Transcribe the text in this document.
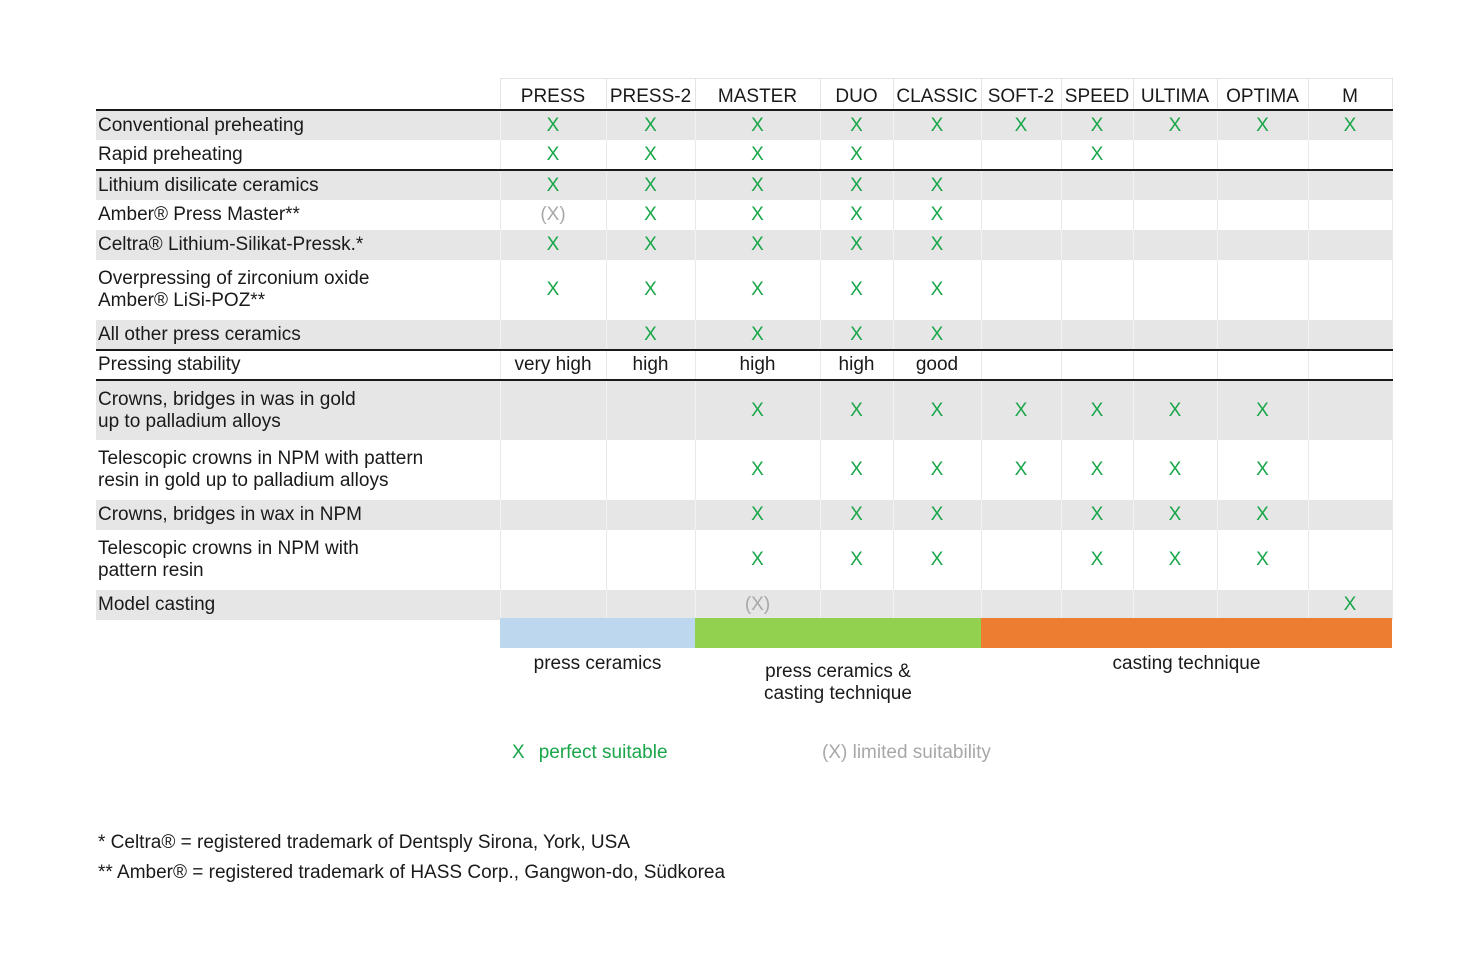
	PRESS	PRESS-2	MASTER	DUO	CLASSIC	SOFT-2	SPEED	ULTIMA	OPTIMA	M

Conventional preheating	X	X	X	X	X	X	X	X	X	X

Rapid preheating	X	X	X	X			X			

Lithium disilicate ceramics	X	X	X	X	X					

Amber® Press Master**	(X)	X	X	X	X					

Celtra® Lithium-Silikat-Pressk.*	X	X	X	X	X					

Overpressing of zirconium oxide
Amber® LiSi-POZ**	X	X	X	X	X					

All other press ceramics		X	X	X	X					

Pressing stability	very high	high	high	high	good					

Crowns, bridges in was in gold
up to palladium alloys			X	X	X	X	X	X	X	

Telescopic crowns in NPM with pattern
resin in gold up to palladium alloys			X	X	X	X	X	X	X	

Crowns, bridges in wax in NPM			X	X	X		X	X	X	

Telescopic crowns in NPM with
pattern resin			X	X	X		X	X	X	

Model casting			(X)							X
press ceramics	press ceramics &
casting technique
casting technique
X perfect suitable	(X) limited suitability
* Celtra® = registered trademark of Dentsply Sirona, York, USA
** Amber® = registered trademark of HASS Corp., Gangwon-do, Südkorea
